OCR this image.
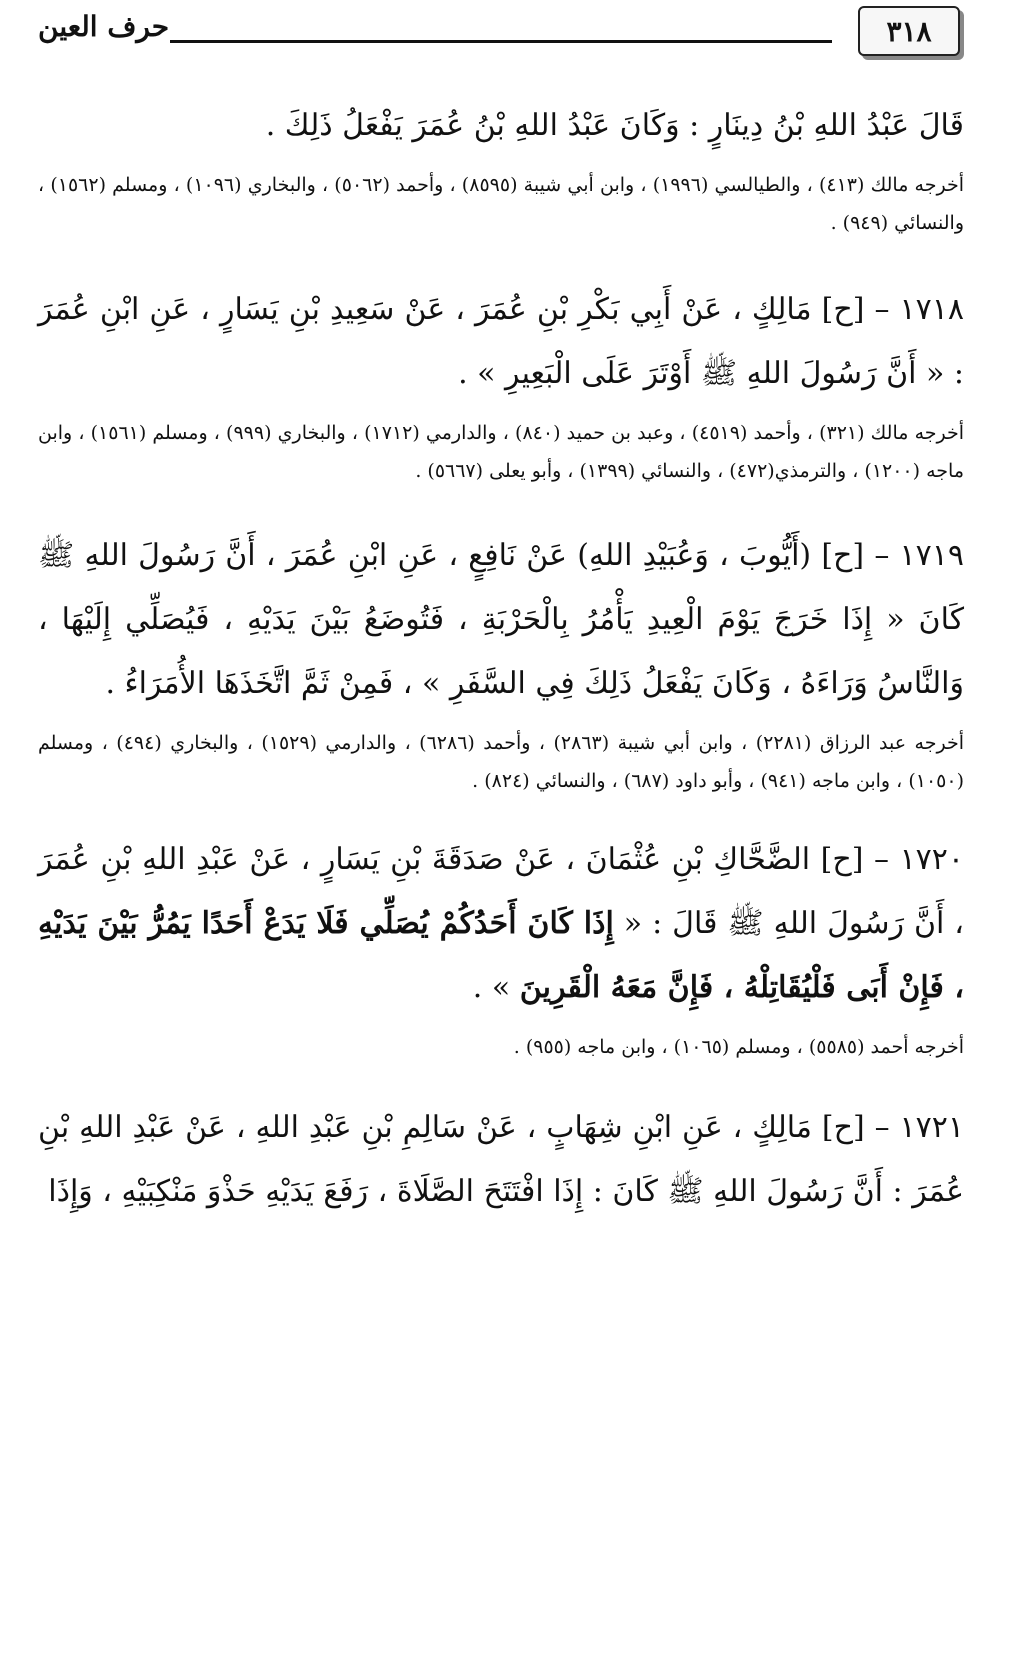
٣١٨
حرف العين

قَالَ عَبْدُ اللهِ بْنُ دِينَارٍ : وَكَانَ عَبْدُ اللهِ بْنُ عُمَرَ يَفْعَلُ ذَلِكَ .

أخرجه مالك (٤١٣) ، والطيالسي (١٩٩٦) ، وابن أبي شيبة (٨٥٩٥) ، وأحمد (٥٠٦٢) ، والبخاري (١٠٩٦) ، ومسلم (١٥٦٢) ، والنسائي (٩٤٩) .

١٧١٨ – [ح] مَالِكٍ ، عَنْ أَبِي بَكْرِ بْنِ عُمَرَ ، عَنْ سَعِيدِ بْنِ يَسَارٍ ، عَنِ ابْنِ عُمَرَ : « أَنَّ رَسُولَ اللهِ ﷺ أَوْتَرَ عَلَى الْبَعِيرِ » .

أخرجه مالك (٣٢١) ، وأحمد (٤٥١٩) ، وعبد بن حميد (٨٤٠) ، والدارمي (١٧١٢) ، والبخاري (٩٩٩) ، ومسلم (١٥٦١) ، وابن ماجه (١٢٠٠) ، والترمذي(٤٧٢) ، والنسائي (١٣٩٩) ، وأبو يعلى (٥٦٦٧) .

١٧١٩ – [ح] (أَيُّوبَ ، وَعُبَيْدِ اللهِ) عَنْ نَافِعٍ ، عَنِ ابْنِ عُمَرَ ، أَنَّ رَسُولَ اللهِ ﷺ كَانَ « إِذَا خَرَجَ يَوْمَ الْعِيدِ يَأْمُرُ بِالْحَرْبَةِ ، فَتُوضَعُ بَيْنَ يَدَيْهِ ، فَيُصَلِّي إِلَيْهَا ، وَالنَّاسُ وَرَاءَهُ ، وَكَانَ يَفْعَلُ ذَلِكَ فِي السَّفَرِ » ، فَمِنْ ثَمَّ اتَّخَذَهَا الأُمَرَاءُ .

أخرجه عبد الرزاق (٢٢٨١) ، وابن أبي شيبة (٢٨٦٣) ، وأحمد (٦٢٨٦) ، والدارمي (١٥٢٩) ، والبخاري (٤٩٤) ، ومسلم (١٠٥٠) ، وابن ماجه (٩٤١) ، وأبو داود (٦٨٧) ، والنسائي (٨٢٤) .

١٧٢٠ – [ح] الضَّحَّاكِ بْنِ عُثْمَانَ ، عَنْ صَدَقَةَ بْنِ يَسَارٍ ، عَنْ عَبْدِ اللهِ بْنِ عُمَرَ ، أَنَّ رَسُولَ اللهِ ﷺ قَالَ : « إِذَا كَانَ أَحَدُكُمْ يُصَلِّي فَلَا يَدَعْ أَحَدًا يَمُرُّ بَيْنَ يَدَيْهِ ، فَإِنْ أَبَى فَلْيُقَاتِلْهُ ، فَإِنَّ مَعَهُ الْقَرِينَ » .

أخرجه أحمد (٥٥٨٥) ، ومسلم (١٠٦٥) ، وابن ماجه (٩٥٥) .

١٧٢١ – [ح] مَالِكٍ ، عَنِ ابْنِ شِهَابٍ ، عَنْ سَالِمِ بْنِ عَبْدِ اللهِ ، عَنْ عَبْدِ اللهِ بْنِ عُمَرَ : أَنَّ رَسُولَ اللهِ ﷺ كَانَ : إِذَا افْتَتَحَ الصَّلَاةَ ، رَفَعَ يَدَيْهِ حَذْوَ مَنْكِبَيْهِ ، وَإِذَا
